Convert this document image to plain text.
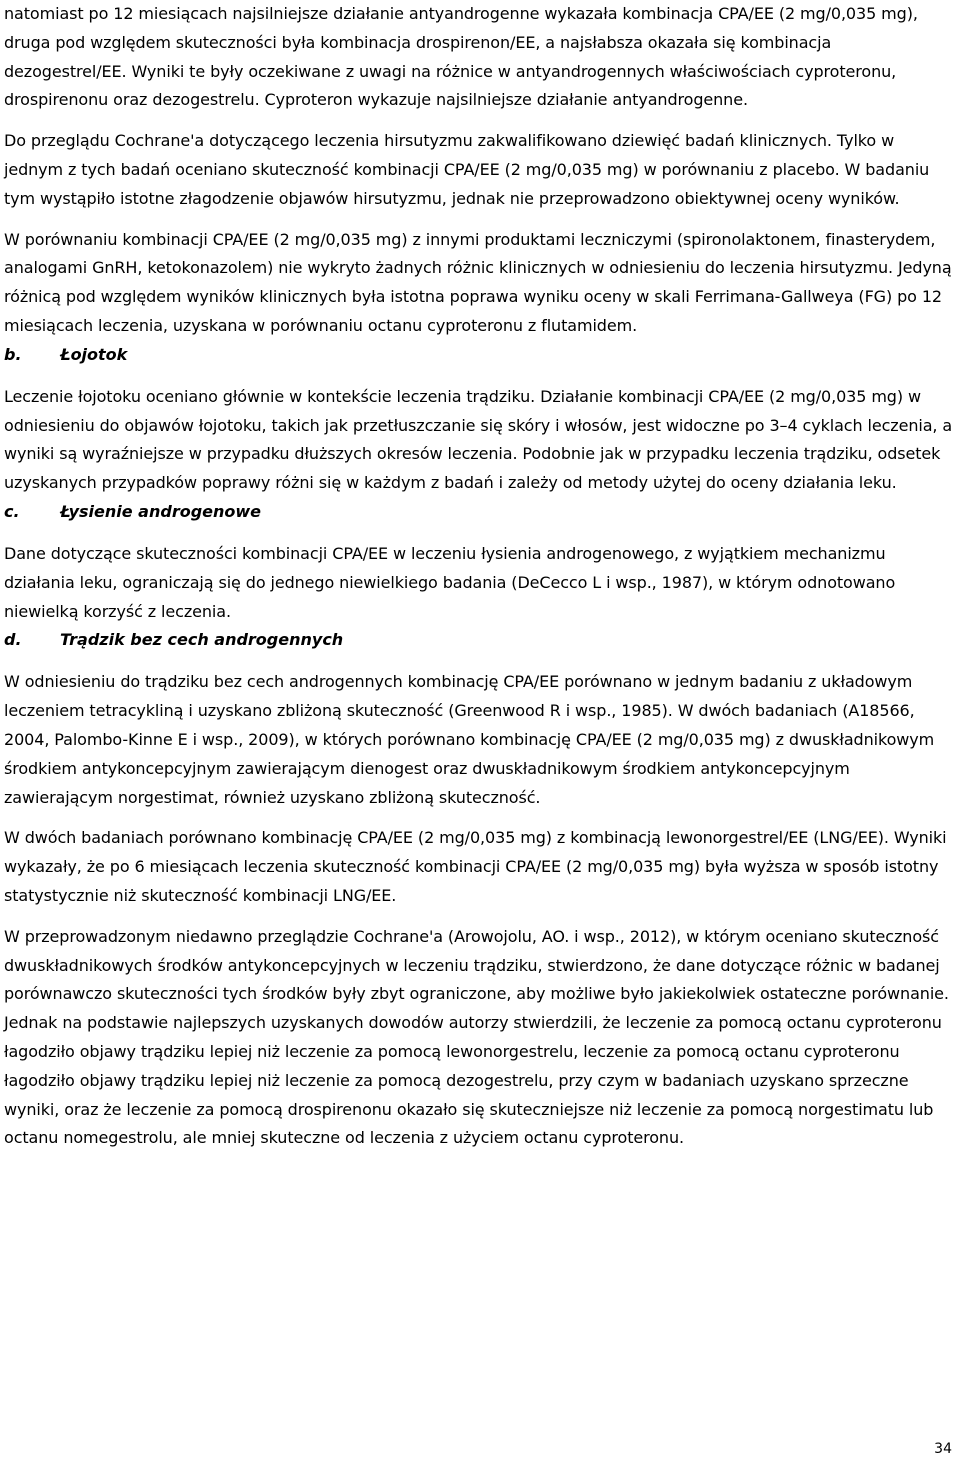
natomiast po 12 miesiącach najsilniejsze działanie antyandrogenne wykazała kombinacja CPA/EE (2 mg/0,035 mg), druga pod względem skuteczności była kombinacja drospirenon/EE, a najsłabsza okazała się kombinacja dezogestrel/EE. Wyniki te były oczekiwane z uwagi na różnice w antyandrogennych właściwościach cyproteronu, drospirenonu oraz dezogestrelu. Cyproteron wykazuje najsilniejsze działanie antyandrogenne.

Do przeglądu Cochrane'a dotyczącego leczenia hirsutyzmu zakwalifikowano dziewięć badań klinicznych. Tylko w jednym z tych badań oceniano skuteczność kombinacji CPA/EE (2 mg/0,035 mg) w porównaniu z placebo. W badaniu tym wystąpiło istotne złagodzenie objawów hirsutyzmu, jednak nie przeprowadzono obiektywnej oceny wyników.

W porównaniu kombinacji CPA/EE (2 mg/0,035 mg) z innymi produktami leczniczymi (spironolaktonem, finasterydem, analogami GnRH, ketokonazolem) nie wykryto żadnych różnic klinicznych w odniesieniu do leczenia hirsutyzmu. Jedyną różnicą pod względem wyników klinicznych była istotna poprawa wyniku oceny w skali Ferrimana-Gallweya (FG) po 12 miesiącach leczenia, uzyskana w porównaniu octanu cyproteronu z flutamidem.

b.	Łojotok

Leczenie łojotoku oceniano głównie w kontekście leczenia trądziku. Działanie kombinacji CPA/EE (2 mg/0,035 mg) w odniesieniu do objawów łojotoku, takich jak przetłuszczanie się skóry i włosów, jest widoczne po 3–4 cyklach leczenia, a wyniki są wyraźniejsze w przypadku dłuższych okresów leczenia. Podobnie jak w przypadku leczenia trądziku, odsetek uzyskanych przypadków poprawy różni się w każdym z badań i zależy od metody użytej do oceny działania leku.

c.	Łysienie androgenowe

Dane dotyczące skuteczności kombinacji CPA/EE w leczeniu łysienia androgenowego, z wyjątkiem mechanizmu działania leku, ograniczają się do jednego niewielkiego badania (DeCecco L i wsp., 1987), w którym odnotowano niewielką korzyść z leczenia.

d.	Trądzik bez cech androgennych

W odniesieniu do trądziku bez cech androgennych kombinację CPA/EE porównano w jednym badaniu z układowym leczeniem tetracykliną i uzyskano zbliżoną skuteczność (Greenwood R i wsp., 1985). W dwóch badaniach (A18566, 2004, Palombo-Kinne E i wsp., 2009), w których porównano kombinację CPA/EE (2 mg/0,035 mg) z dwuskładnikowym środkiem antykoncepcyjnym zawierającym dienogest oraz dwuskładnikowym środkiem antykoncepcyjnym zawierającym norgestimat, również uzyskano zbliżoną skuteczność.

W dwóch badaniach porównano kombinację CPA/EE (2 mg/0,035 mg) z kombinacją lewonorgestrel/EE (LNG/EE). Wyniki wykazały, że po 6 miesiącach leczenia skuteczność kombinacji CPA/EE (2 mg/0,035 mg) była wyższa w sposób istotny statystycznie niż skuteczność kombinacji LNG/EE.

W przeprowadzonym niedawno przeglądzie Cochrane'a (Arowojolu, AO. i wsp., 2012), w którym oceniano skuteczność dwuskładnikowych środków antykoncepcyjnych w leczeniu trądziku, stwierdzono, że dane dotyczące różnic w badanej porównawczo skuteczności tych środków były zbyt ograniczone, aby możliwe było jakiekolwiek ostateczne porównanie. Jednak na podstawie najlepszych uzyskanych dowodów autorzy stwierdzili, że leczenie za pomocą octanu cyproteronu łagodziło objawy trądziku lepiej niż leczenie za pomocą lewonorgestrelu, leczenie za pomocą octanu cyproteronu łagodziło objawy trądziku lepiej niż leczenie za pomocą dezogestrelu, przy czym w badaniach uzyskano sprzeczne wyniki, oraz że leczenie za pomocą drospirenonu okazało się skuteczniejsze niż leczenie za pomocą norgestimatu lub octanu nomegestrolu, ale mniej skuteczne od leczenia z użyciem octanu cyproteronu.

34
